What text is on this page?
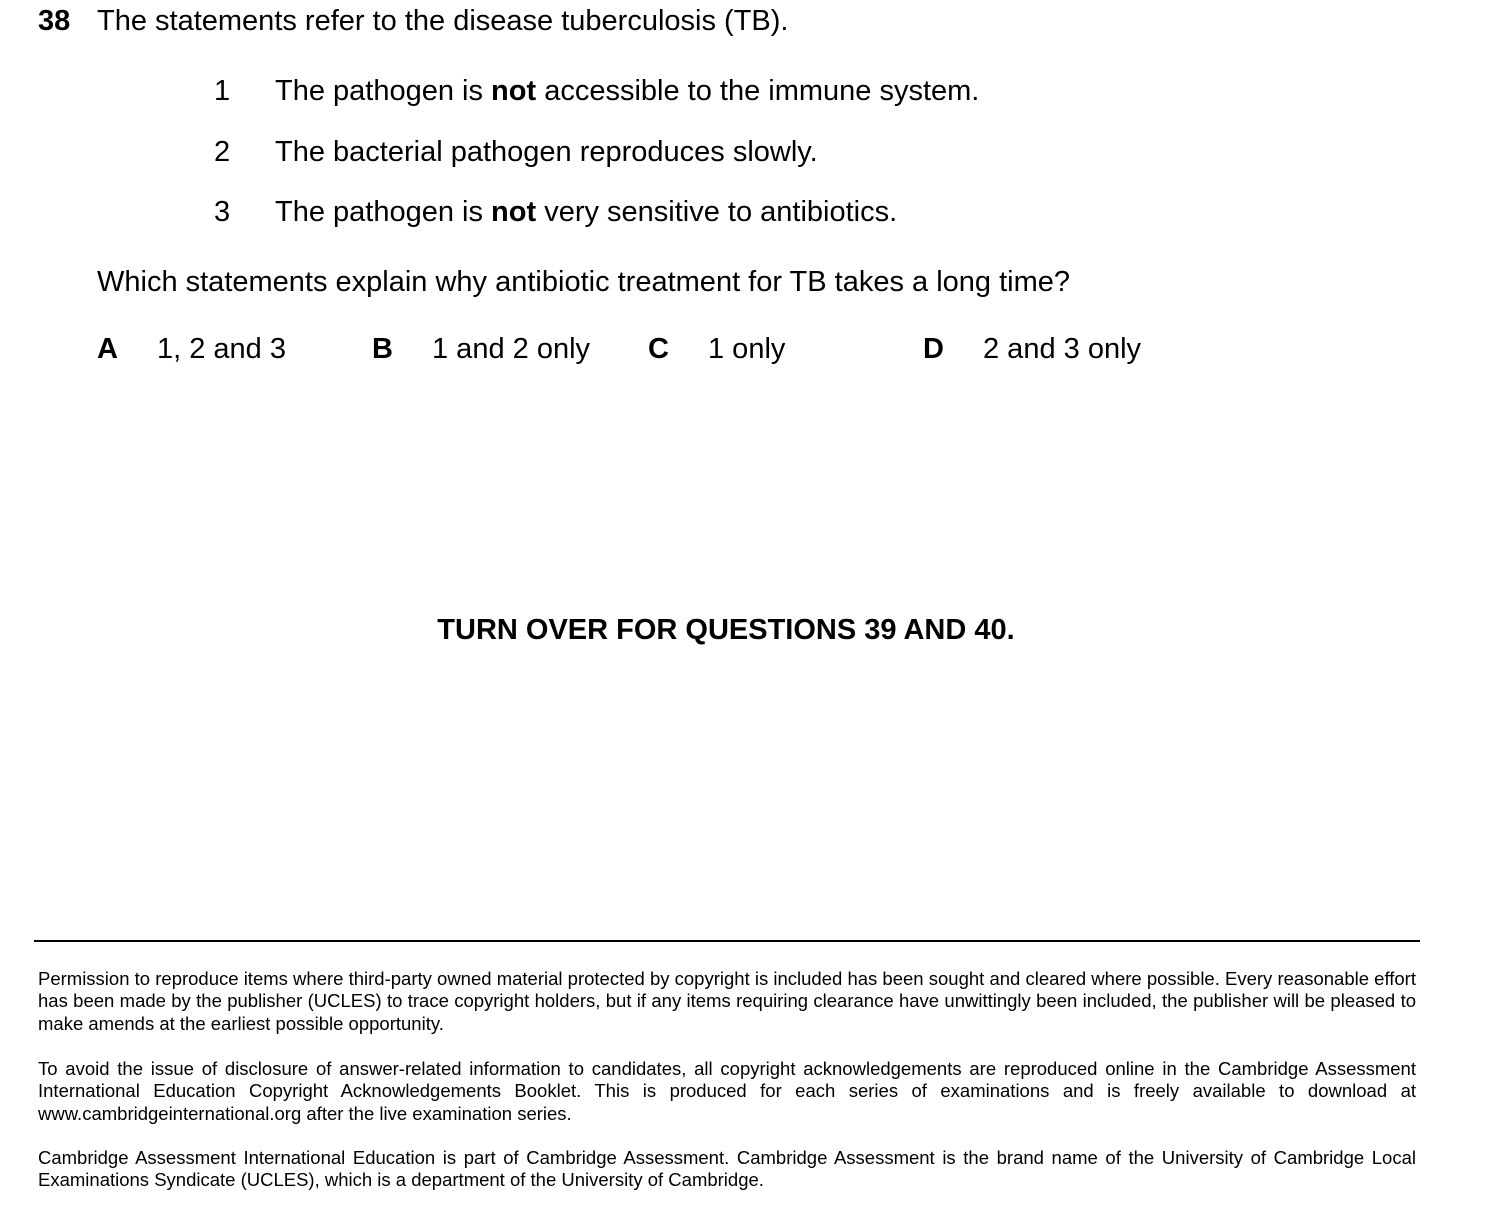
38 The statements refer to the disease tuberculosis (TB).
1 The pathogen is not accessible to the immune system.
2 The bacterial pathogen reproduces slowly.
3 The pathogen is not very sensitive to antibiotics.
Which statements explain why antibiotic treatment for TB takes a long time?
A 1, 2 and 3	B 1 and 2 only C 1 only	D 2 and 3 only
TURN OVER FOR QUESTIONS 39 AND 40.
Permission to reproduce items where third-party owned material protected by copyright is included has been sought and cleared where possible. Every reasonable effort has been made by the publisher (UCLES) to trace copyright holders, but if any items requiring clearance have unwittingly been included, the publisher will be pleased to make amends at the earliest possible opportunity.
To avoid the issue of disclosure of answer-related information to candidates, all copyright acknowledgements are reproduced online in the Cambridge Assessment International Education Copyright Acknowledgements Booklet. This is produced for each series of examinations and is freely available to download at www.cambridgeinternational.org after the live examination series.
Cambridge Assessment International Education is part of Cambridge Assessment. Cambridge Assessment is the brand name of the University of Cambridge Local Examinations Syndicate (UCLES), which is a department of the University of Cambridge.
